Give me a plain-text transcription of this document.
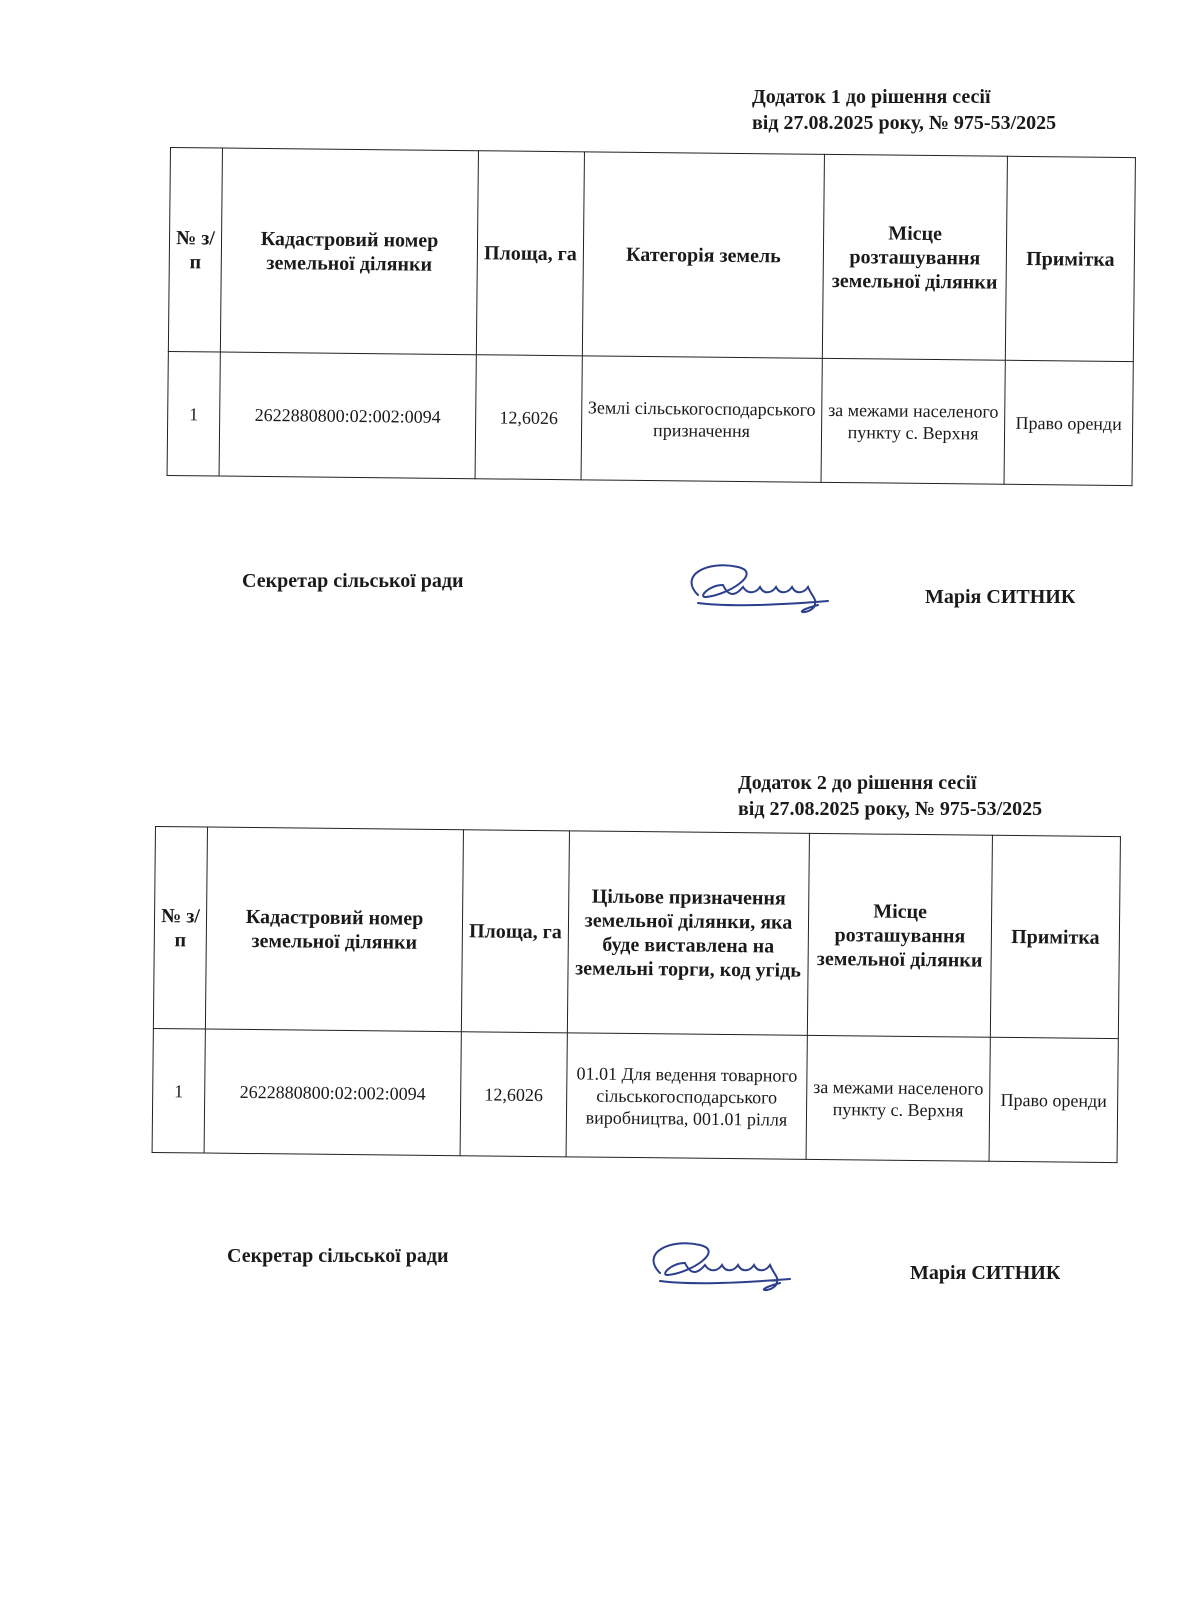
Додаток 1 до рішення сесії
від 27.08.2025 року, № 975-53/2025
№ з/п	Кадастровий номер земельної ділянки	Площа, га	Категорія земель	Місце розташування земельної ділянки	Примітка
1	2622880800:02:002:0094	12,6026	Землі сільськогосподарського призначення	за межами населеного пункту с. Верхня	Право оренди
Секретар сільської ради
Марія СИТНИК
Додаток 2 до рішення сесії
від 27.08.2025 року, № 975-53/2025
№ з/п	Кадастровий номер земельної ділянки	Площа, га	Цільове призначення земельної ділянки, яка буде виставлена на земельні торги, код угідь	Місце розташування земельної ділянки	Примітка
1	2622880800:02:002:0094	12,6026	01.01 Для ведення товарного сільськогосподарського виробництва, 001.01 рілля	за межами населеного пункту с. Верхня	Право оренди
Секретар сільської ради
Марія СИТНИК
